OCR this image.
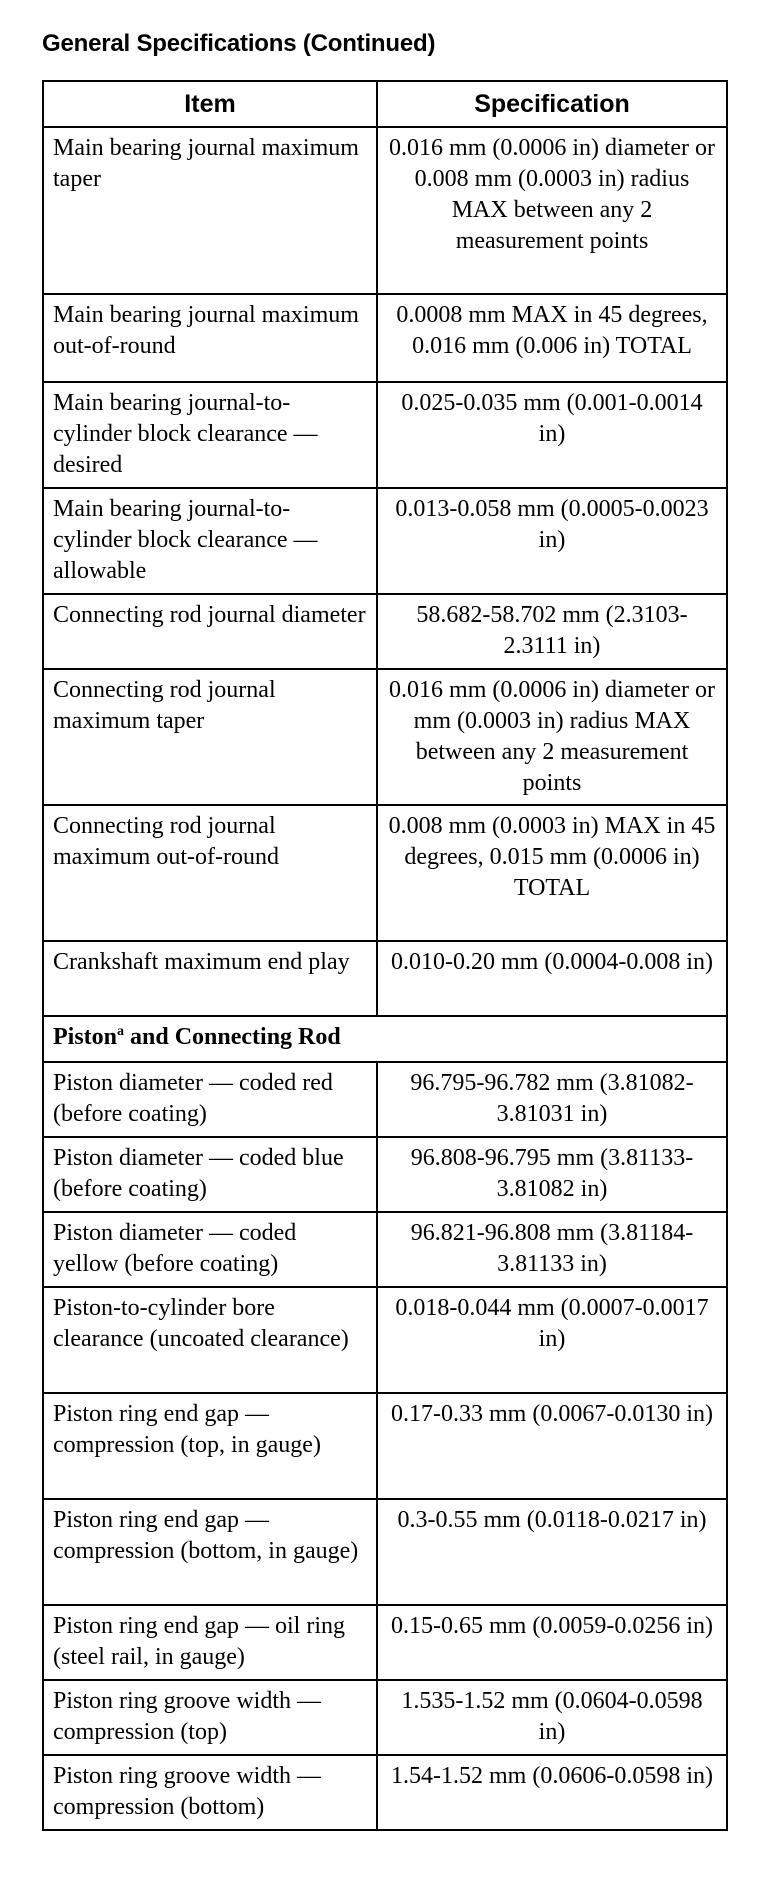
General Specifications (Continued)
Item	Specification
Main bearing journal maximum taper	0.016 mm (0.0006 in) diameter or 0.008 mm (0.0003 in) radius MAX between any 2 measurement points
Main bearing journal maximum out-of-round	0.0008 mm MAX in 45 degrees, 0.016 mm (0.006 in) TOTAL
Main bearing journal-to-cylinder block clearance — desired	0.025-0.035 mm (0.001-0.0014 in)
Main bearing journal-to-cylinder block clearance — allowable	0.013-0.058 mm (0.0005-0.0023 in)
Connecting rod journal diameter	58.682-58.702 mm (2.3103-2.3111 in)
Connecting rod journal maximum taper	0.016 mm (0.0006 in) diameter or mm (0.0003 in) radius MAX between any 2 measurement points
Connecting rod journal maximum out-of-round	0.008 mm (0.0003 in) MAX in 45 degrees, 0.015 mm (0.0006 in) TOTAL
Crankshaft maximum end play	0.010-0.20 mm (0.0004-0.008 in)
Piston$^a$ and Connecting Rod	
Piston diameter — coded red (before coating)	96.795-96.782 mm (3.81082-3.81031 in)
Piston diameter — coded blue (before coating)	96.808-96.795 mm (3.81133-3.81082 in)
Piston diameter — coded yellow (before coating)	96.821-96.808 mm (3.81184-3.81133 in)
Piston-to-cylinder bore clearance (uncoated clearance)	0.018-0.044 mm (0.0007-0.0017 in)
Piston ring end gap — compression (top, in gauge)	0.17-0.33 mm (0.0067-0.0130 in)
Piston ring end gap — compression (bottom, in gauge)	0.3-0.55 mm (0.0118-0.0217 in)
Piston ring end gap — oil ring (steel rail, in gauge)	0.15-0.65 mm (0.0059-0.0256 in)
Piston ring groove width — compression (top)	1.535-1.52 mm (0.0604-0.0598 in)
Piston ring groove width — compression (bottom)	1.54-1.52 mm (0.0606-0.0598 in)
